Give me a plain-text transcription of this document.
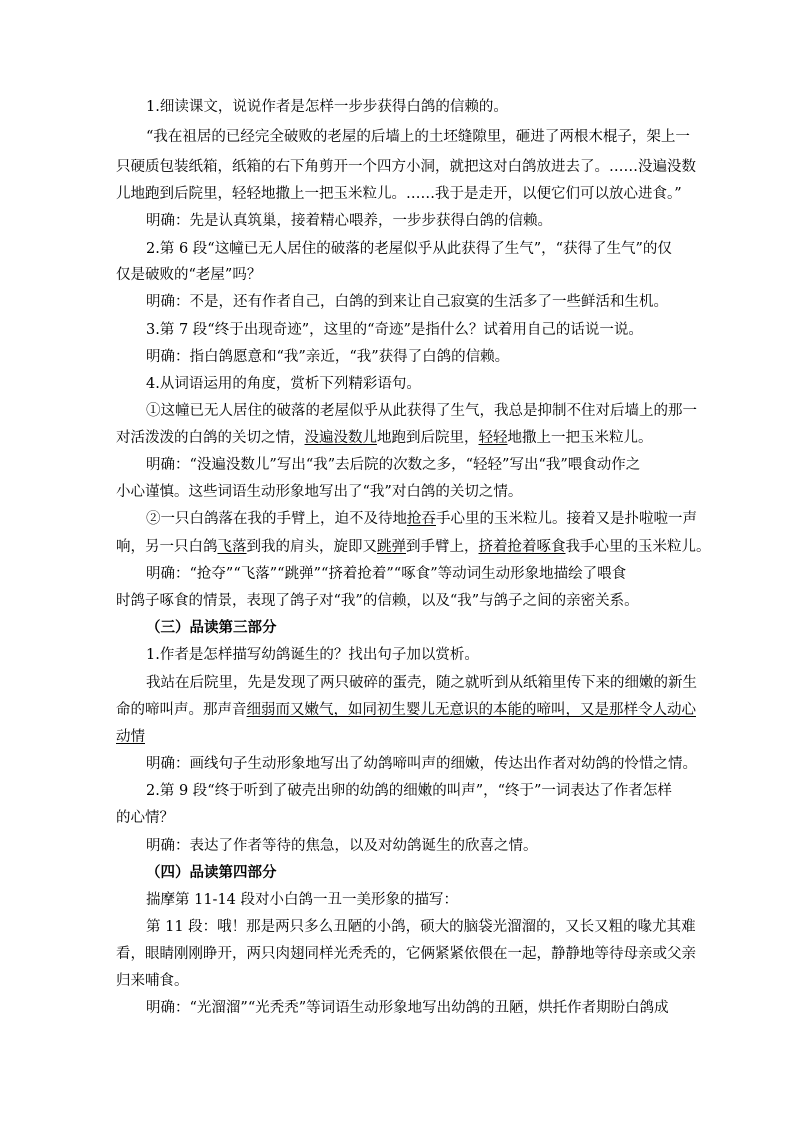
1.细读课文，说说作者是怎样一步步获得白鸽的信赖的。
“我在祖居的已经完全破败的老屋的后墙上的土坯缝隙里，砸进了两根木棍子，架上一
只硬质包装纸箱，纸箱的右下角剪开一个四方小洞，就把这对白鸽放进去了。……没遍没数
儿地跑到后院里，轻轻地撒上一把玉米粒儿。……我于是走开，以便它们可以放心进食。”
明确：先是认真筑巢，接着精心喂养，一步步获得白鸽的信赖。
2.第 6 段“这幢已无人居住的破落的老屋似乎从此获得了生气”，“获得了生气”的仅
仅是破败的“老屋”吗？
明确：不是，还有作者自己，白鸽的到来让自己寂寞的生活多了一些鲜活和生机。
3.第 7 段“终于出现奇迹”，这里的“奇迹”是指什么？试着用自己的话说一说。
明确：指白鸽愿意和“我”亲近，“我”获得了白鸽的信赖。
4.从词语运用的角度，赏析下列精彩语句。
①这幢已无人居住的破落的老屋似乎从此获得了生气，我总是抑制不住对后墙上的那一
对活泼泼的白鸽的关切之情，没遍没数儿地跑到后院里，轻轻地撒上一把玉米粒儿。
明确：“没遍没数儿”写出“我”去后院的次数之多，“轻轻”写出“我”喂食动作之
小心谨慎。这些词语生动形象地写出了“我”对白鸽的关切之情。
②一只白鸽落在我的手臂上，迫不及待地抢吞手心里的玉米粒儿。接着又是扑啦啦一声
响，另一只白鸽飞落到我的肩头，旋即又跳弹到手臂上，挤着抢着啄食我手心里的玉米粒儿。
明确：“抢夺”“飞落”“跳弹”“挤着抢着”“啄食”等动词生动形象地描绘了喂食
时鸽子啄食的情景，表现了鸽子对“我”的信赖，以及“我”与鸽子之间的亲密关系。
（三）品读第三部分
1.作者是怎样描写幼鸽诞生的？找出句子加以赏析。
我站在后院里，先是发现了两只破碎的蛋壳，随之就听到从纸箱里传下来的细嫩的新生
命的啼叫声。那声音细弱而又嫩气，如同初生婴儿无意识的本能的啼叫，又是那样令人动心
动情
明确：画线句子生动形象地写出了幼鸽啼叫声的细嫩，传达出作者对幼鸽的怜惜之情。
2.第 9 段“终于听到了破壳出卵的幼鸽的细嫩的叫声”，“终于”一词表达了作者怎样
的心情？
明确：表达了作者等待的焦急，以及对幼鸽诞生的欣喜之情。
（四）品读第四部分
揣摩第 11-14 段对小白鸽一丑一美形象的描写：
第 11 段：哦！那是两只多么丑陋的小鸽，硕大的脑袋光溜溜的，又长又粗的喙尤其难
看，眼睛刚刚睁开，两只肉翅同样光秃秃的，它俩紧紧依偎在一起，静静地等待母亲或父亲
归来哺食。
明确：“光溜溜”“光秃秃”等词语生动形象地写出幼鸽的丑陋，烘托作者期盼白鸽成
